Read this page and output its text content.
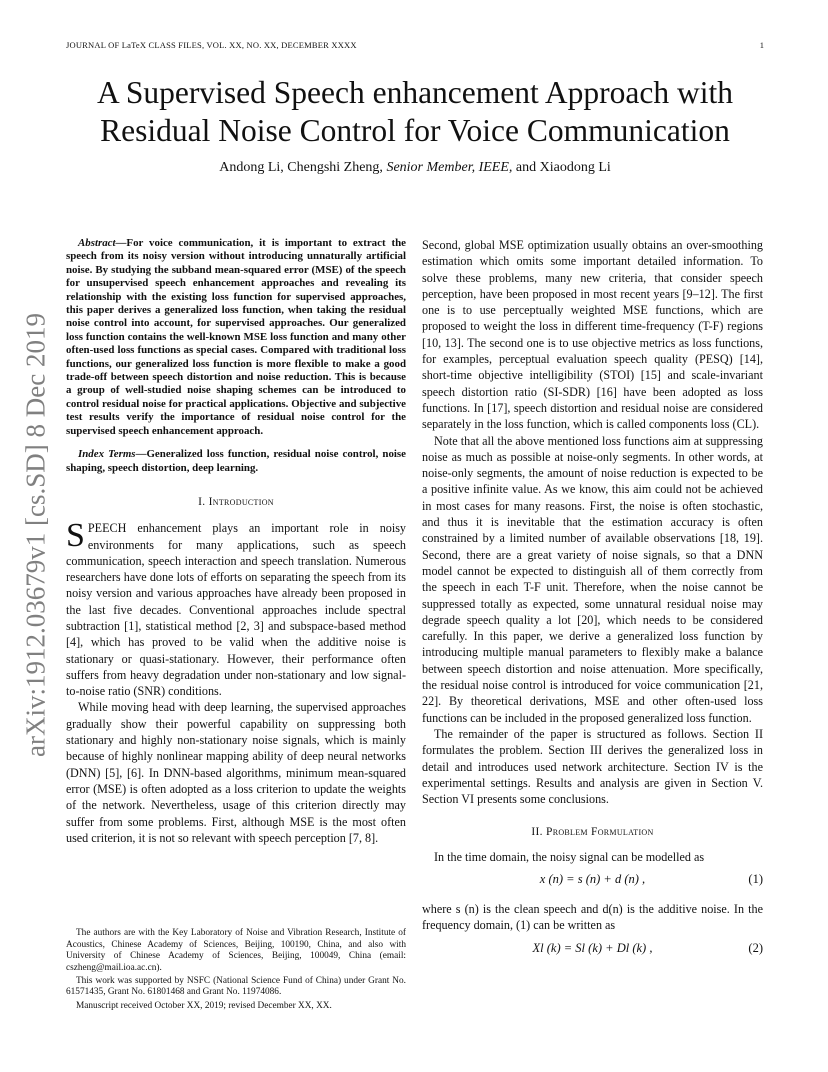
JOURNAL OF LaTeX CLASS FILES, VOL. XX, NO. XX, DECEMBER XXXX	1
arXiv:1912.03679v1 [cs.SD] 8 Dec 2019
A Supervised Speech enhancement Approach with Residual Noise Control for Voice Communication
Andong Li, Chengshi Zheng, Senior Member, IEEE, and Xiaodong Li

Abstract—For voice communication, it is important to extract the speech from its noisy version without introducing unnaturally artificial noise. By studying the subband mean-squared error (MSE) of the speech for unsupervised speech enhancement approaches and revealing its relationship with the existing loss function for supervised approaches, this paper derives a generalized loss function, when taking the residual noise control into account, for supervised approaches. Our generalized loss function contains the well-known MSE loss function and many other often-used loss functions as special cases. Compared with traditional loss functions, our generalized loss function is more flexible to make a good trade-off between speech distortion and noise reduction. This is because a group of well-studied noise shaping schemes can be introduced to control residual noise for practical applications. Objective and subjective test results verify the importance of residual noise control for the supervised speech enhancement approach.

Index Terms—Generalized loss function, residual noise control, noise shaping, speech distortion, deep learning.

I. Introduction

SPEECH enhancement plays an important role in noisy environments for many applications, such as speech communication, speech interaction and speech translation. Numerous researchers have done lots of efforts on separating the speech from its noisy version and various approaches have already been proposed in the last five decades. Conventional approaches include spectral subtraction [1], statistical method [2, 3] and subspace-based method [4], which has proved to be valid when the additive noise is stationary or quasi-stationary. However, their performance often suffers from heavy degradation under non-stationary and low signal-to-noise ratio (SNR) conditions.

While moving head with deep learning, the supervised approaches gradually show their powerful capability on suppressing both stationary and highly non-stationary noise signals, which is mainly because of highly nonlinear mapping ability of deep neural networks (DNN) [5], [6]. In DNN-based algorithms, minimum mean-squared error (MSE) is often adopted as a loss criterion to update the weights of the network. Nevertheless, usage of this criterion directly may suffer from some problems. First, although MSE is the most often used criterion, it is not so relevant with speech perception [7, 8].

The authors are with the Key Laboratory of Noise and Vibration Research, Institute of Acoustics, Chinese Academy of Sciences, Beijing, 100190, China, and also with University of Chinese Academy of Sciences, Beijing, 100049, China (email: cszheng@mail.ioa.ac.cn).

This work was supported by NSFC (National Science Fund of China) under Grant No. 61571435, Grant No. 61801468 and Grant No. 11974086.

Manuscript received October XX, 2019; revised December XX, XX.

Second, global MSE optimization usually obtains an over-smoothing estimation which omits some important detailed information. To solve these problems, many new criteria, that consider speech perception, have been proposed in most recent years [9–12]. The first one is to use perceptually weighted MSE functions, which are proposed to weight the loss in different time-frequency (T-F) regions [10, 13]. The second one is to use objective metrics as loss functions, for examples, perceptual evaluation speech quality (PESQ) [14], short-time objective intelligibility (STOI) [15] and scale-invariant speech distortion ratio (SI-SDR) [16] have been adopted as loss functions. In [17], speech distortion and residual noise are considered separately in the loss function, which is called components loss (CL).

Note that all the above mentioned loss functions aim at suppressing noise as much as possible at noise-only segments. In other words, at noise-only segments, the amount of noise reduction is expected to be a positive infinite value. As we know, this aim could not be achieved in most cases for many reasons. First, the noise is often stochastic, and thus it is inevitable that the estimation accuracy is often constrained by a limited number of available observations [18, 19]. Second, there are a great variety of noise signals, so that a DNN model cannot be expected to distinguish all of them correctly from the speech in each T-F unit. Therefore, when the noise cannot be suppressed totally as expected, some unnatural residual noise may degrade speech quality a lot [20], which needs to be considered carefully. In this paper, we derive a generalized loss function by introducing multiple manual parameters to flexibly make a balance between speech distortion and noise attenuation. More specifically, the residual noise control is introduced for voice communication [21, 22]. By theoretical derivations, MSE and other often-used loss functions can be included in the proposed generalized loss function.

The remainder of the paper is structured as follows. Section II formulates the problem. Section III derives the generalized loss in detail and introduces used network architecture. Section IV is the experimental settings. Results and analysis are given in Section V. Section VI presents some conclusions.

II. Problem Formulation

In the time domain, the noisy signal can be modelled as

x (n) = s (n) + d (n) ,	(1)

where s (n) is the clean speech and d(n) is the additive noise. In the frequency domain, (1) can be written as

Xl (k) = Sl (k) + Dl (k) ,	(2)
